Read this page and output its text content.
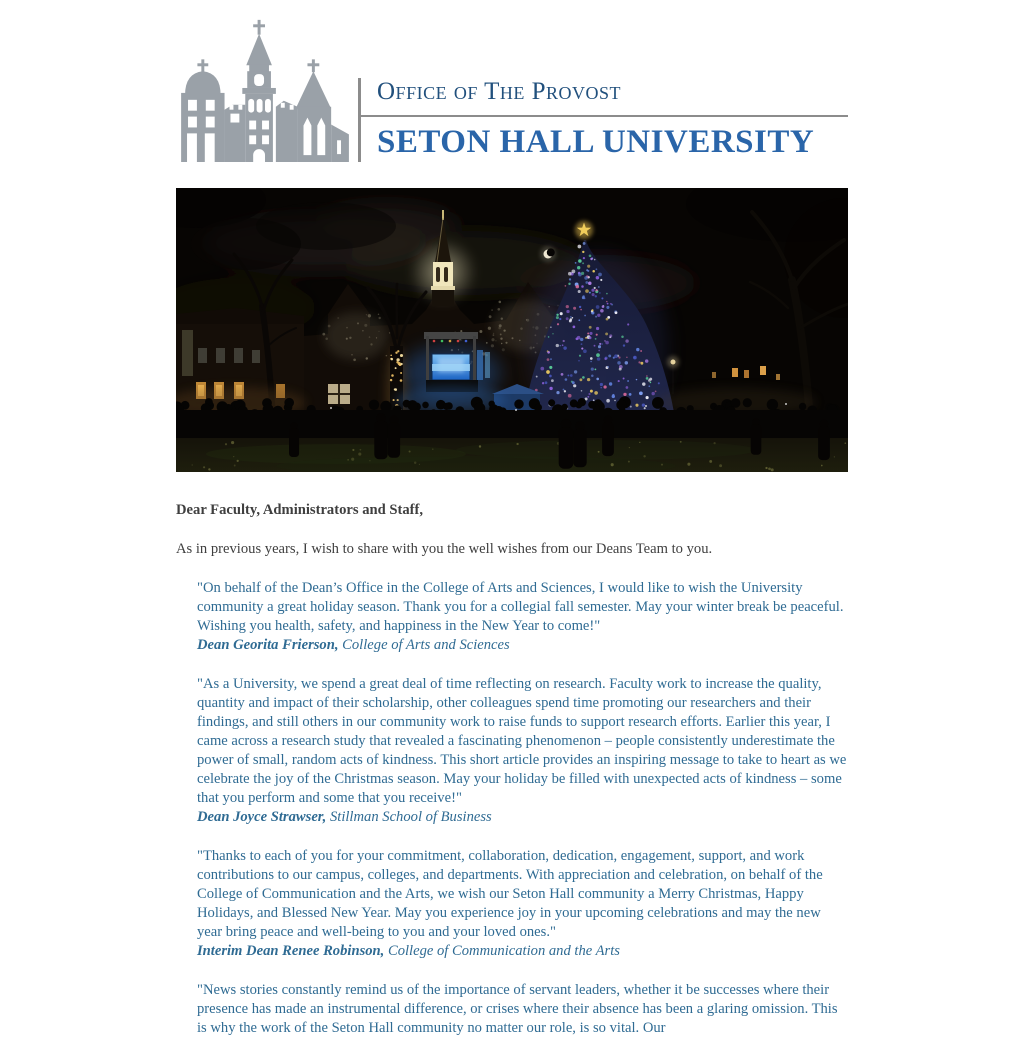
Office of The Provost
SETON HALL UNIVERSITY

Dear Faculty, Administrators and Staff,

As in previous years, I wish to share with you the well wishes from our Deans Team to you.

"On behalf of the Dean’s Office in the College of Arts and Sciences, I would like to wish the University community a great holiday season. Thank you for a collegial fall semester. May your winter break be peaceful. Wishing you health, safety, and happiness in the New Year to come!"

Dean Georita Frierson, College of Arts and Sciences

"As a University, we spend a great deal of time reflecting on research. Faculty work to increase the quality, quantity and impact of their scholarship, other colleagues spend time promoting our researchers and their findings, and still others in our community work to raise funds to support research efforts. Earlier this year, I came across a research study that revealed a fascinating phenomenon – people consistently underestimate the power of small, random acts of kindness. This short article provides an inspiring message to take to heart as we celebrate the joy of the Christmas season. May your holiday be filled with unexpected acts of kindness – some that you perform and some that you receive!"

Dean Joyce Strawser, Stillman School of Business

"Thanks to each of you for your commitment, collaboration, dedication, engagement, support, and work contributions to our campus, colleges, and departments. With appreciation and celebration, on behalf of the College of Communication and the Arts, we wish our Seton Hall community a Merry Christmas, Happy Holidays, and Blessed New Year. May you experience joy in your upcoming celebrations and may the new year bring peace and well-being to you and your loved ones."

Interim Dean Renee Robinson, College of Communication and the Arts

"News stories constantly remind us of the importance of servant leaders, whether it be successes where their presence has made an instrumental difference, or crises where their absence has been a glaring omission. This is why the work of the Seton Hall community no matter our role, is so vital. Our
